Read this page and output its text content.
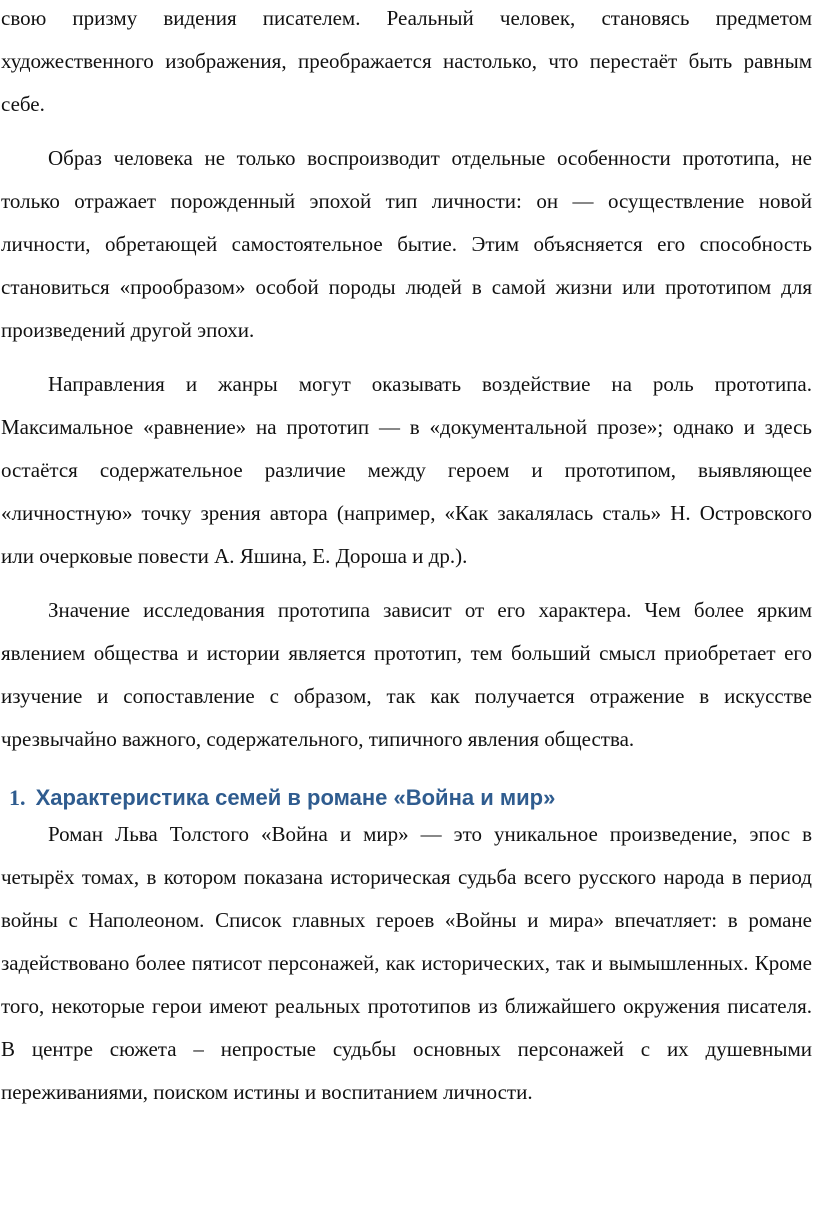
свою призму видения писателем. Реальный человек, становясь предметом художественного изображения, преображается настолько, что перестаёт быть равным себе.

Образ человека не только воспроизводит отдельные особенности прототипа, не только отражает порожденный эпохой тип личности: он — осуществление новой личности, обретающей самостоятельное бытие. Этим объясняется его способность становиться «прообразом» особой породы людей в самой жизни или прототипом для произведений другой эпохи.

Направления и жанры могут оказывать воздействие на роль прототипа. Максимальное «равнение» на прототип — в «документальной прозе»; однако и здесь остаётся содержательное различие между героем и прототипом, выявляющее «личностную» точку зрения автора (например, «Как закалялась сталь» Н. Островского или очерковые повести А. Яшина, Е. Дороша и др.).

Значение исследования прототипа зависит от его характера. Чем более ярким явлением общества и истории является прототип, тем больший смысл приобретает его изучение и сопоставление с образом, так как получается отражение в искусстве чрезвычайно важного, содержательного, типичного явления общества.

1. Характеристика семей в романе «Война и мир»

Роман Льва Толстого «Война и мир» — это уникальное произведение, эпос в четырёх томах, в котором показана историческая судьба всего русского народа в период войны с Наполеоном. Список главных героев «Войны и мира» впечатляет: в романе задействовано более пятисот персонажей, как исторических, так и вымышленных. Кроме того, некоторые герои имеют реальных прототипов из ближайшего окружения писателя. В центре сюжета – непростые судьбы основных персонажей с их душевными переживаниями, поиском истины и воспитанием личности.
